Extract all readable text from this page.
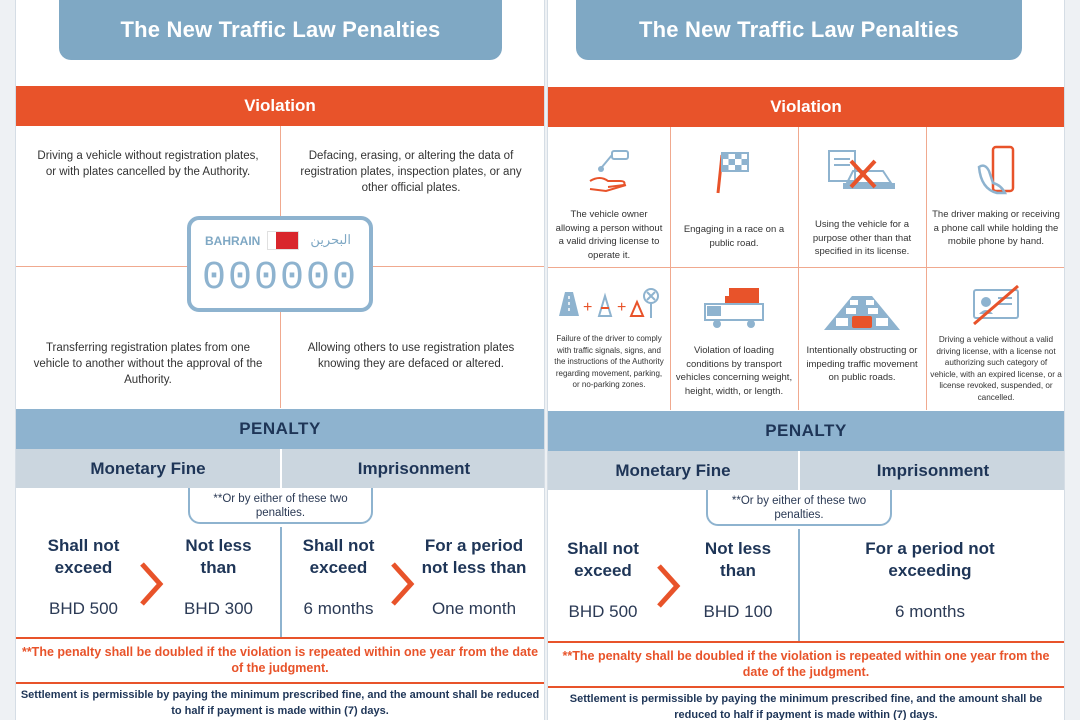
The New Traffic Law Penalties
Violation
Driving a vehicle without registration plates, or with plates cancelled by the Authority.
Defacing, erasing, or altering the data of registration plates, inspection plates, or any other official plates.
Transferring registration plates from one vehicle to another without the approval of the Authority.
Allowing others to use registration plates knowing they are defaced or altered.
BAHRAIN	البحرين
000000
PENALTY
Monetary Fine	Imprisonment
**Or by either of these two penalties.
Shall not exceed
BHD 500
Not less than
BHD 300
Shall not exceed
6 months
For a period not less than
One month
**The penalty shall be doubled if the violation is repeated within one year from the date of the judgment.
Settlement is permissible by paying the minimum prescribed fine, and the amount shall be reduced to half if payment is made within (7) days.
The New Traffic Law Penalties
Violation
The vehicle owner allowing a person without a valid driving license to operate it.
Engaging in a race on a public road.
Using the vehicle for a purpose other than that specified in its license.
The driver making or receiving a phone call while holding the mobile phone by hand.
+ +
Failure of the driver to comply with traffic signals, signs, and the instructions of the Authority regarding movement, parking, or no-parking zones.
Violation of loading conditions by transport vehicles concerning weight, height, width, or length.
Intentionally obstructing or impeding traffic movement on public roads.
Driving a vehicle without a valid driving license, with a license not authorizing such category of vehicle, with an expired license, or a license revoked, suspended, or cancelled.
PENALTY
Monetary Fine	Imprisonment
**Or by either of these two penalties.
Shall not exceed
BHD 500
Not less than
BHD 100
For a period not exceeding
6 months
**The penalty shall be doubled if the violation is repeated within one year from the date of the judgment.
Settlement is permissible by paying the minimum prescribed fine, and the amount shall be reduced to half if payment is made within (7) days.
